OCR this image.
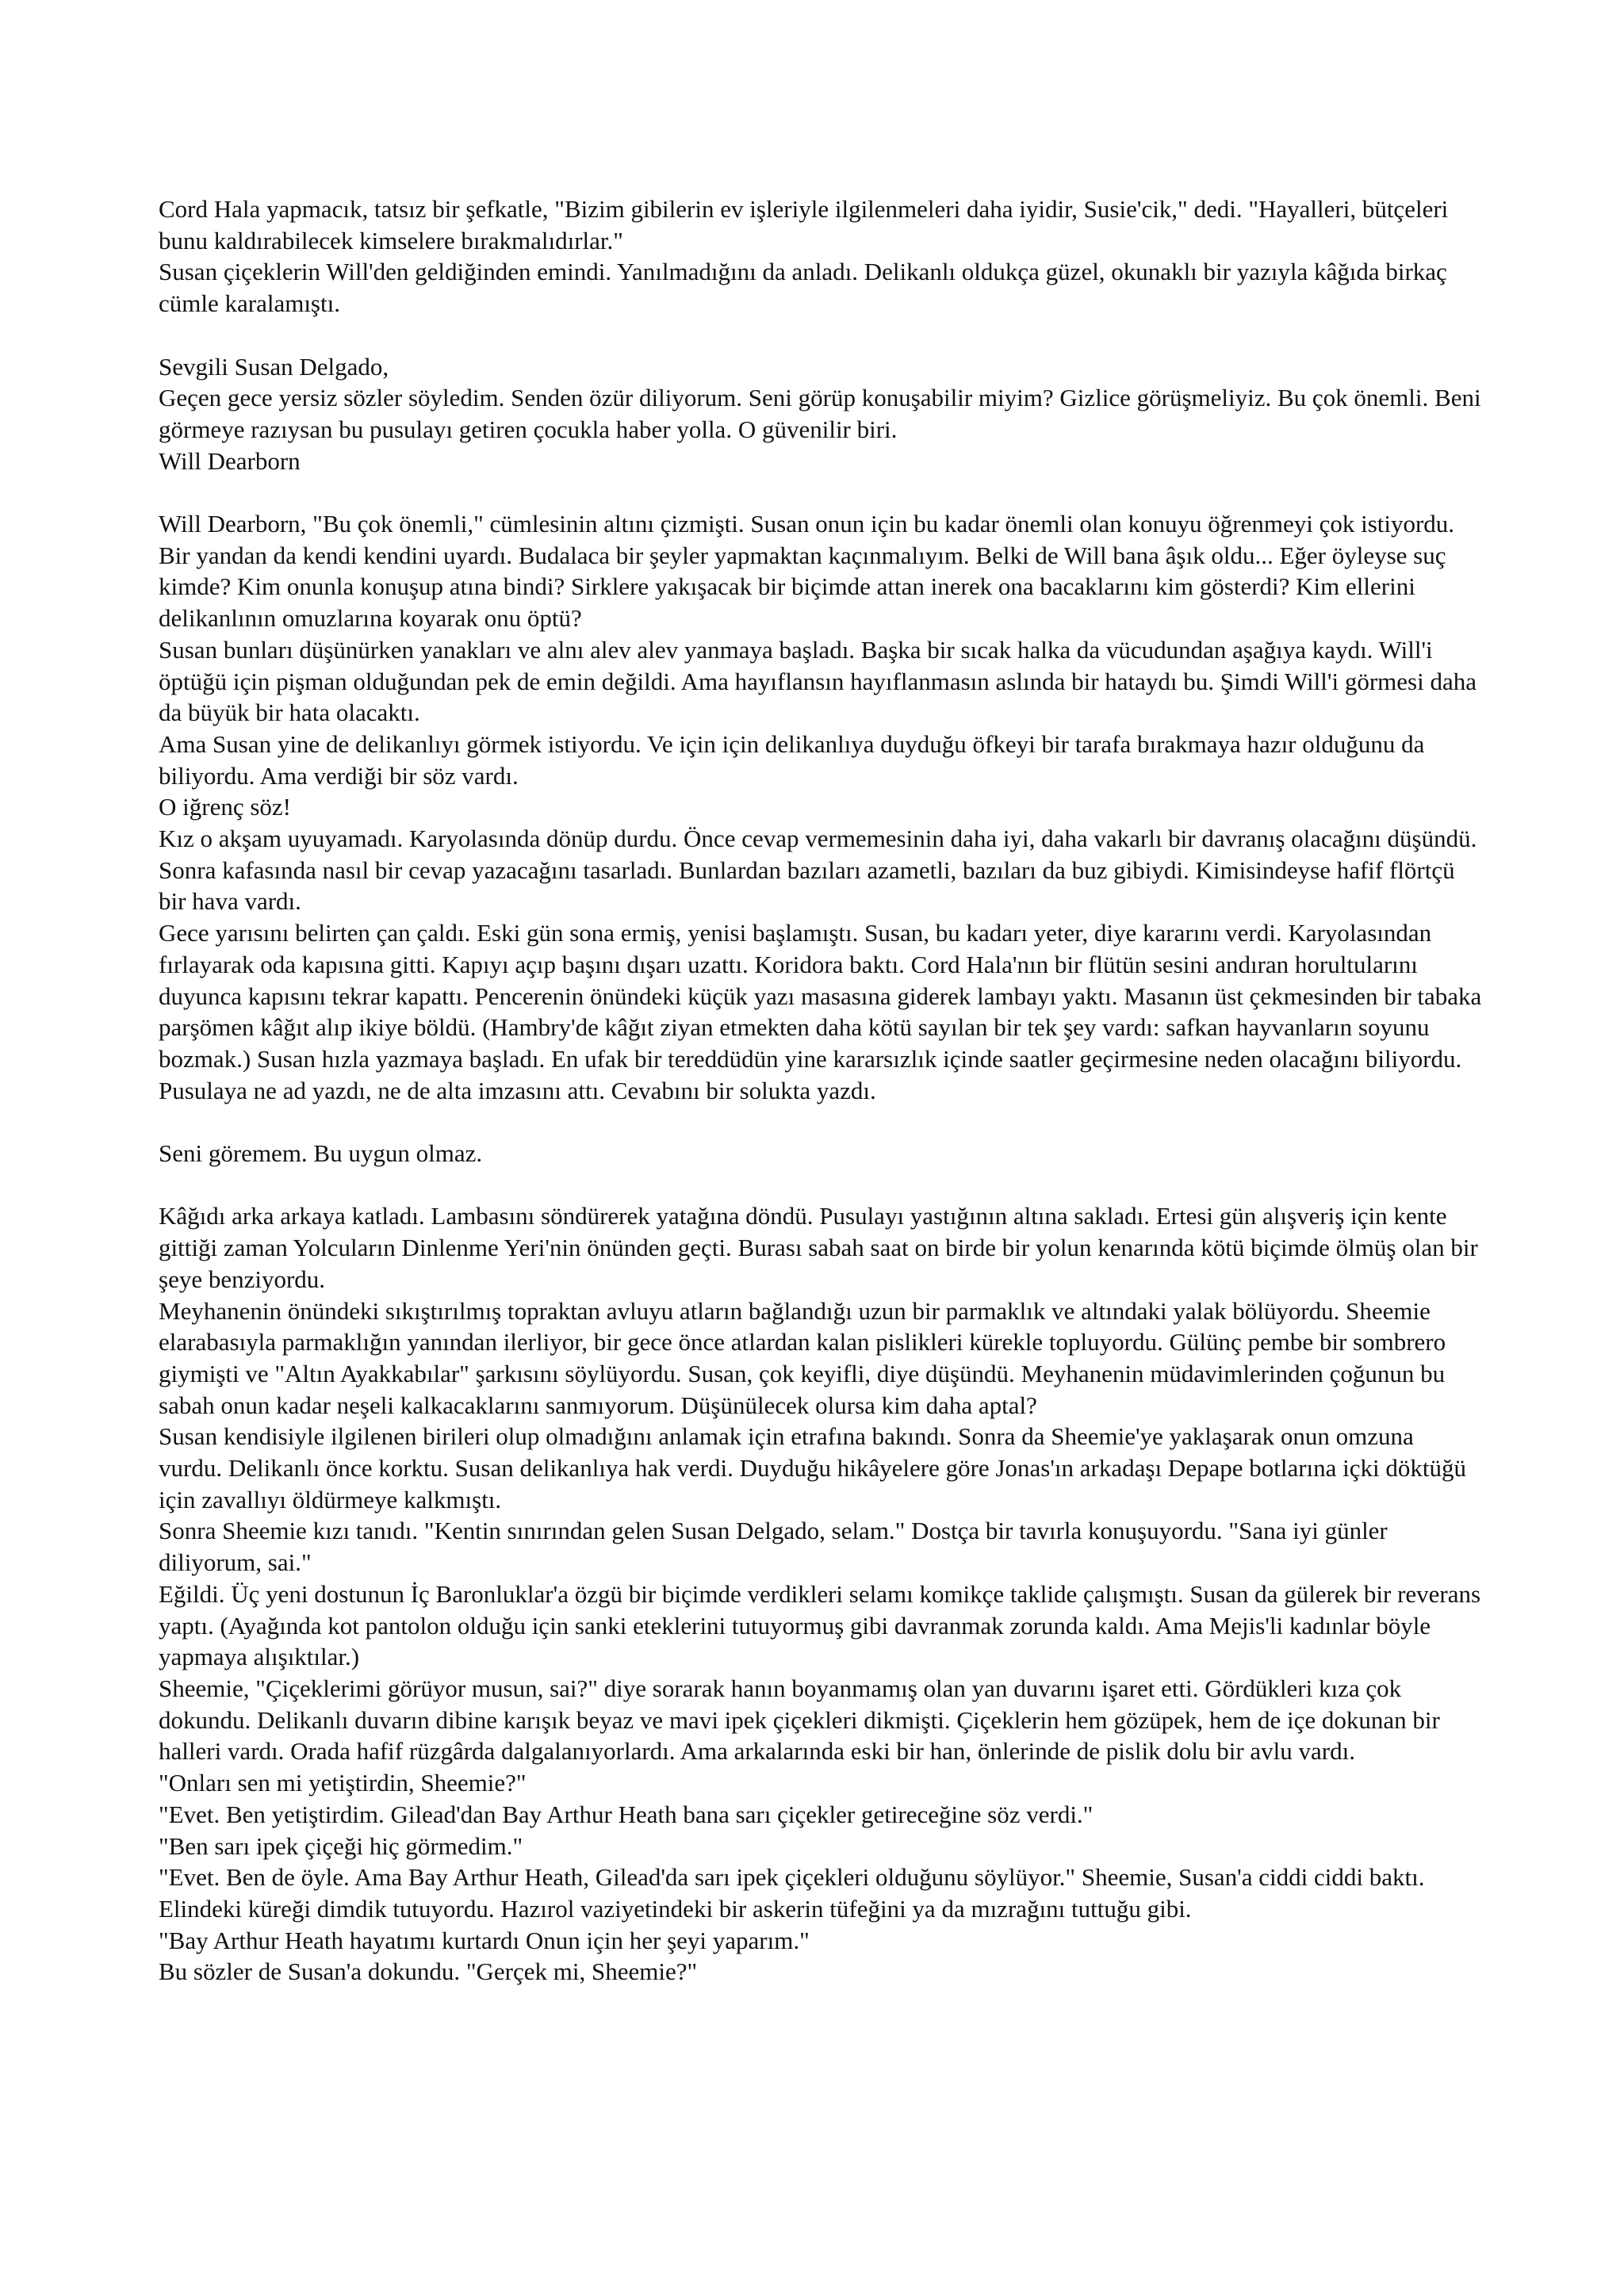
Cord Hala yapmacık, tatsız bir şefkatle, "Bizim gibilerin ev işleriyle ilgilenmeleri daha iyidir, Susie'cik," dedi. "Hayalleri, bütçeleri bunu kaldırabilecek kimselere bırakmalıdırlar."

Susan çiçeklerin Will'den geldiğinden emindi. Yanılmadığını da anladı. Delikanlı oldukça güzel, okunaklı bir yazıyla kâğıda birkaç cümle karalamıştı.

Sevgili Susan Delgado,

Geçen gece yersiz sözler söyledim. Senden özür diliyorum. Seni görüp konuşabilir miyim? Gizlice görüşmeliyiz. Bu çok önemli. Beni görmeye razıysan bu pusulayı getiren çocukla haber yolla. O güvenilir biri.

Will Dearborn

Will Dearborn, "Bu çok önemli," cümlesinin altını çizmişti. Susan onun için bu kadar önemli olan konuyu öğrenmeyi çok istiyordu. Bir yandan da kendi kendini uyardı. Budalaca bir şeyler yapmaktan kaçınmalıyım. Belki de Will bana âşık oldu... Eğer öyleyse suç kimde? Kim onunla konuşup atına bindi? Sirklere yakışacak bir biçimde attan inerek ona bacaklarını kim gösterdi? Kim ellerini delikanlının omuzlarına koyarak onu öptü?

Susan bunları düşünürken yanakları ve alnı alev alev yanmaya başladı. Başka bir sıcak halka da vücudundan aşağıya kaydı. Will'i öptüğü için pişman olduğundan pek de emin değildi. Ama hayıflansın hayıflanmasın aslında bir hataydı bu. Şimdi Will'i görmesi daha da büyük bir hata olacaktı.

Ama Susan yine de delikanlıyı görmek istiyordu. Ve için için delikanlıya duyduğu öfkeyi bir tarafa bırakmaya hazır olduğunu da biliyordu. Ama verdiği bir söz vardı.

O iğrenç söz!

Kız o akşam uyuyamadı. Karyolasında dönüp durdu. Önce cevap vermemesinin daha iyi, daha vakarlı bir davranış olacağını düşündü. Sonra kafasında nasıl bir cevap yazacağını tasarladı. Bunlardan bazıları azametli, bazıları da buz gibiydi. Kimisindeyse hafif flörtçü bir hava vardı.

Gece yarısını belirten çan çaldı. Eski gün sona ermiş, yenisi başlamıştı. Susan, bu kadarı yeter, diye kararını verdi. Karyolasından fırlayarak oda kapısına gitti. Kapıyı açıp başını dışarı uzattı. Koridora baktı. Cord Hala'nın bir flütün sesini andıran horultularını duyunca kapısını tekrar kapattı. Pencerenin önündeki küçük yazı masasına giderek lambayı yaktı. Masanın üst çekmesinden bir tabaka parşömen kâğıt alıp ikiye böldü. (Hambry'de kâğıt ziyan etmekten daha kötü sayılan bir tek şey vardı: safkan hayvanların soyunu bozmak.) Susan hızla yazmaya başladı. En ufak bir tereddüdün yine kararsızlık içinde saatler geçirmesine neden olacağını biliyordu. Pusulaya ne ad yazdı, ne de alta imzasını attı. Cevabını bir solukta yazdı.

Seni göremem. Bu uygun olmaz.

Kâğıdı arka arkaya katladı. Lambasını söndürerek yatağına döndü. Pusulayı yastığının altına sakladı. Ertesi gün alışveriş için kente gittiği zaman Yolcuların Dinlenme Yeri'nin önünden geçti. Burası sabah saat on birde bir yolun kenarında kötü biçimde ölmüş olan bir şeye benziyordu.

Meyhanenin önündeki sıkıştırılmış topraktan avluyu atların bağlandığı uzun bir parmaklık ve altındaki yalak bölüyordu. Sheemie elarabasıyla parmaklığın yanından ilerliyor, bir gece önce atlardan kalan pislikleri kürekle topluyordu. Gülünç pembe bir sombrero giymişti ve "Altın Ayakkabılar" şarkısını söylüyordu. Susan, çok keyifli, diye düşündü. Meyhanenin müdavimlerinden çoğunun bu sabah onun kadar neşeli kalkacaklarını sanmıyorum. Düşünülecek olursa kim daha aptal?

Susan kendisiyle ilgilenen birileri olup olmadığını anlamak için etrafına bakındı. Sonra da Sheemie'ye yaklaşarak onun omzuna vurdu. Delikanlı önce korktu. Susan delikanlıya hak verdi. Duyduğu hikâyelere göre Jonas'ın arkadaşı Depape botlarına içki döktüğü için zavallıyı öldürmeye kalkmıştı.

Sonra Sheemie kızı tanıdı. "Kentin sınırından gelen Susan Delgado, selam." Dostça bir tavırla konuşuyordu. "Sana iyi günler diliyorum, sai."

Eğildi. Üç yeni dostunun İç Baronluklar'a özgü bir biçimde verdikleri selamı komikçe taklide çalışmıştı. Susan da gülerek bir reverans yaptı. (Ayağında kot pantolon olduğu için sanki eteklerini tutuyormuş gibi davranmak zorunda kaldı. Ama Mejis'li kadınlar böyle yapmaya alışıktılar.)

Sheemie, "Çiçeklerimi görüyor musun, sai?" diye sorarak hanın boyanmamış olan yan duvarını işaret etti. Gördükleri kıza çok dokundu. Delikanlı duvarın dibine karışık beyaz ve mavi ipek çiçekleri dikmişti. Çiçeklerin hem gözüpek, hem de içe dokunan bir halleri vardı. Orada hafif rüzgârda dalgalanıyorlardı. Ama arkalarında eski bir han, önlerinde de pislik dolu bir avlu vardı.

"Onları sen mi yetiştirdin, Sheemie?"

"Evet. Ben yetiştirdim. Gilead'dan Bay Arthur Heath bana sarı çiçekler getireceğine söz verdi."

"Ben sarı ipek çiçeği hiç görmedim."

"Evet. Ben de öyle. Ama Bay Arthur Heath, Gilead'da sarı ipek çiçekleri olduğunu söylüyor." Sheemie, Susan'a ciddi ciddi baktı. Elindeki küreği dimdik tutuyordu. Hazırol vaziyetindeki bir askerin tüfeğini ya da mızrağını tuttuğu gibi.

"Bay Arthur Heath hayatımı kurtardı Onun için her şeyi yaparım."

Bu sözler de Susan'a dokundu. "Gerçek mi, Sheemie?"
